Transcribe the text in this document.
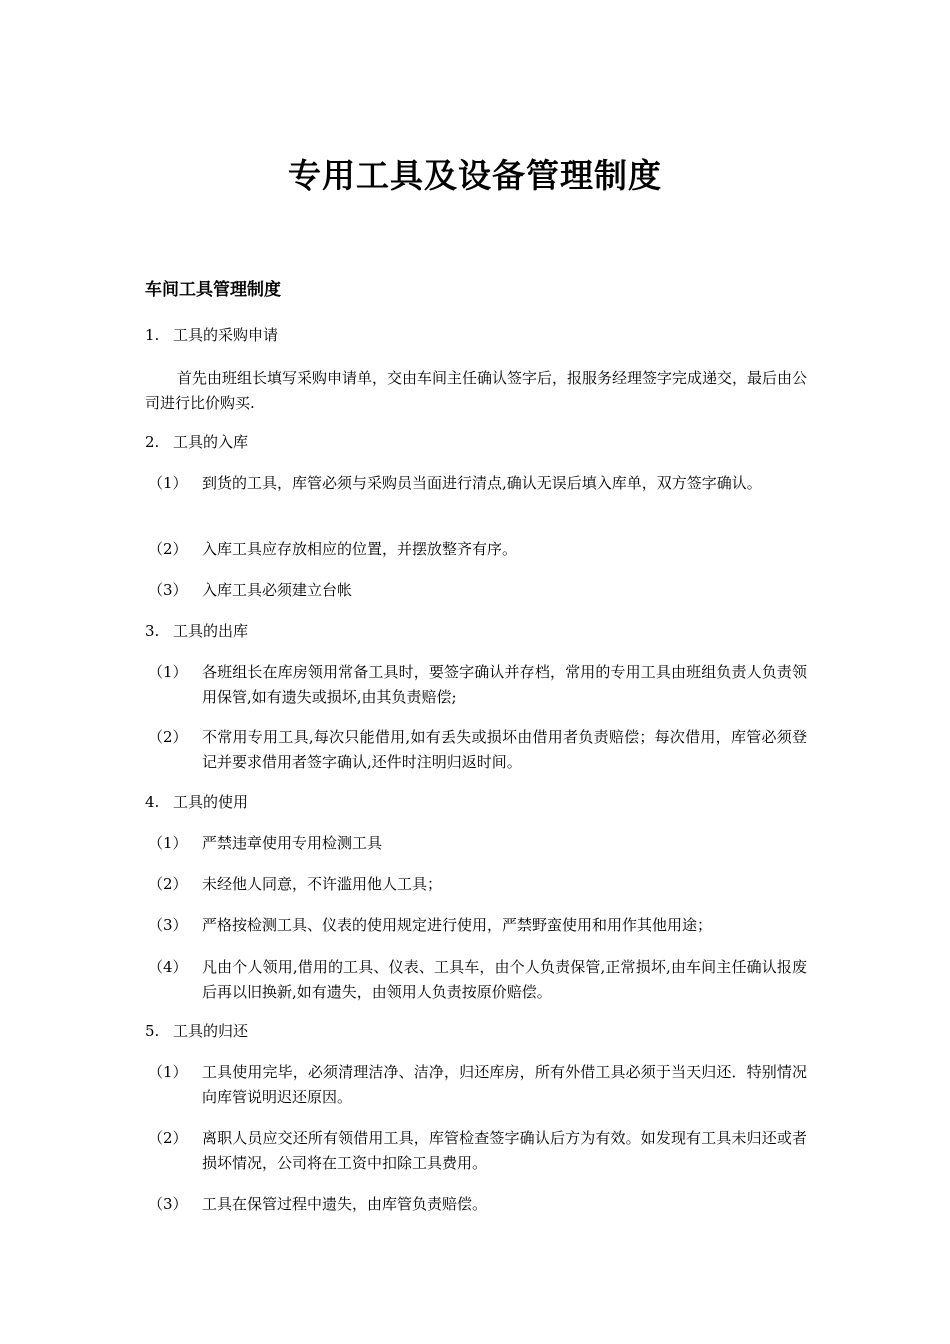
专用工具及设备管理制度
车间工具管理制度
1. 工具的采购申请
首先由班组长填写采购申请单，交由车间主任确认签字后，报服务经理签字完成递交，最后由公司进行比价购买.
2. 工具的入库
（1） 到货的工具，库管必须与采购员当面进行清点,确认无误后填入库单，双方签字确认。
（2） 入库工具应存放相应的位置，并摆放整齐有序。
（3） 入库工具必须建立台帐
3. 工具的出库
（1） 各班组长在库房领用常备工具时，要签字确认并存档，常用的专用工具由班组负责人负责领用保管,如有遗失或损坏,由其负责赔偿;
（2） 不常用专用工具,每次只能借用,如有丢失或损坏由借用者负责赔偿；每次借用，库管必须登记并要求借用者签字确认,还件时注明归返时间。
4. 工具的使用
（1） 严禁违章使用专用检测工具
（2） 未经他人同意，不许滥用他人工具；
（3） 严格按检测工具、仪表的使用规定进行使用，严禁野蛮使用和用作其他用途；
（4） 凡由个人领用,借用的工具、仪表、工具车，由个人负责保管,正常损坏,由车间主任确认报废后再以旧换新,如有遗失，由领用人负责按原价赔偿。
5. 工具的归还
（1） 工具使用完毕，必须清理洁净、洁净，归还库房，所有外借工具必须于当天归还．特别情况向库管说明迟还原因。
（2） 离职人员应交还所有领借用工具，库管检查签字确认后方为有效。如发现有工具未归还或者损坏情况，公司将在工资中扣除工具费用。
（3） 工具在保管过程中遗失，由库管负责赔偿。
